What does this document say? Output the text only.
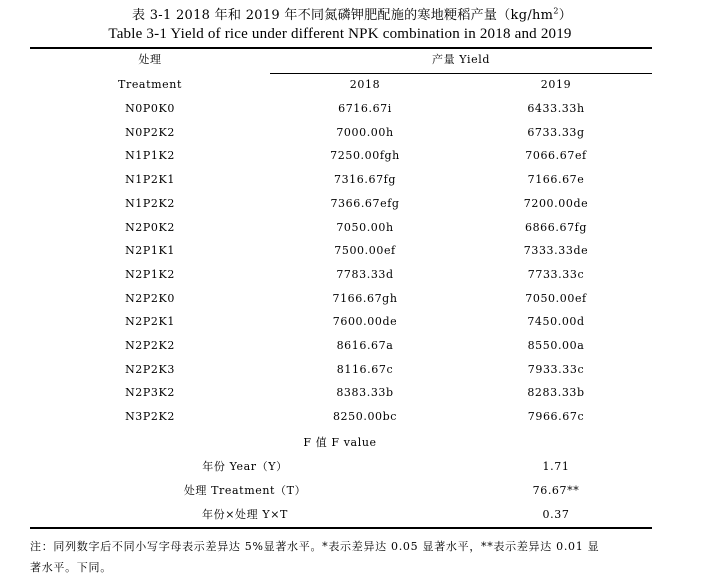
表 3-1 2018 年和 2019 年不同氮磷钾肥配施的寒地粳稻产量$(kg/hm^2)$
Table 3-1 Yield of rice under different NPK combination in 2018 and 2019
处理	产量 Yield
Treatment	2018	2019
N0P0K0	6716.67i	6433.33h
N0P2K2	7000.00h	6733.33g
N1P1K2	7250.00fgh	7066.67ef
N1P2K1	7316.67fg	7166.67e
N1P2K2	7366.67efg	7200.00de
N2P0K2	7050.00h	6866.67fg
N2P1K1	7500.00ef	7333.33de
N2P1K2	7783.33d	7733.33c
N2P2K0	7166.67gh	7050.00ef
N2P2K1	7600.00de	7450.00d
N2P2K2	8616.67a	8550.00a
N2P2K3	8116.67c	7933.33c
N2P3K2	8383.33b	8283.33b
N3P2K2	8250.00bc	7966.67c
F 值 F value
年份 Year（Y）	1.71
处理 Treatment（T）	76.67**
年份×处理 Y×T	0.37
注：同列数字后不同小写字母表示差异达 5%显著水平。*表示差异达 0.05 显著水平，**表示差异达 0.01 显
著水平。下同。
